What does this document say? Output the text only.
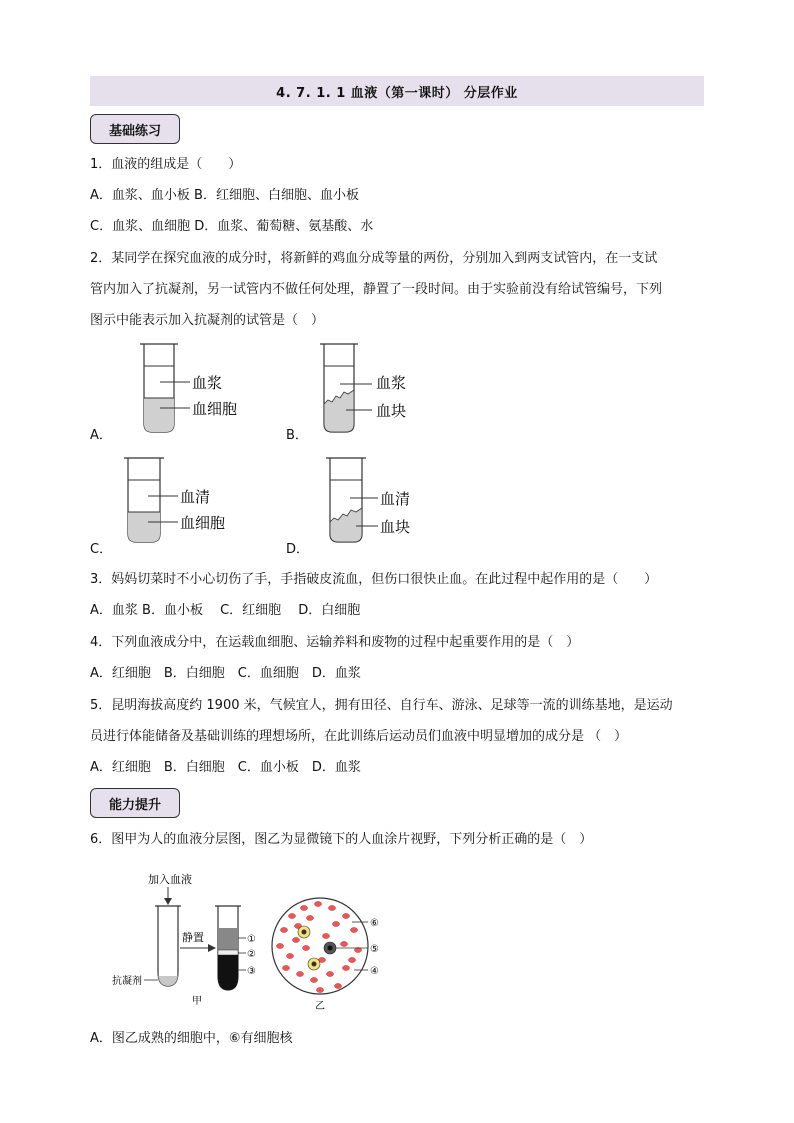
4. 7. 1. 1 血液（第一课时） 分层作业
基础练习
1．血液的组成是（　　）
A．血浆、血小板 B．红细胞、白细胞、血小板
C．血浆、血细胞 D．血浆、葡萄糖、氨基酸、水
2．某同学在探究血液的成分时，将新鲜的鸡血分成等量的两份，分别加入到两支试管内，在一支试
管内加入了抗凝剂，另一试管内不做任何处理，静置了一段时间。由于实验前没有给试管编号，下列
图示中能表示加入抗凝剂的试管是（　）
A．
血浆
血细胞
B．
血浆
血块
C．
血清
血细胞
D．
血清
血块
3．妈妈切菜时不小心切伤了手，手指破皮流血，但伤口很快止血。在此过程中起作用的是（　　）
A．血浆 B．血小板　 C．红细胞　 D．白细胞
4．下列血液成分中，在运载血细胞、运输养料和废物的过程中起重要作用的是（　）
A．红细胞　B．白细胞　C．血细胞　D．血浆
5．昆明海拔高度约 1900 米，气候宜人，拥有田径、自行车、游泳、足球等一流的训练基地，是运动
员进行体能储备及基础训练的理想场所，在此训练后运动员们血液中明显增加的成分是 （　）
A．红细胞　B．白细胞　C．血小板　D．血浆
能力提升
6．图甲为人的血液分层图，图乙为显微镜下的人血涂片视野，下列分析正确的是（　）
加入血液
抗凝剂
静置	①
②
③
甲
⑥
⑤
④
乙
A．图乙成熟的细胞中，⑥有细胞核
